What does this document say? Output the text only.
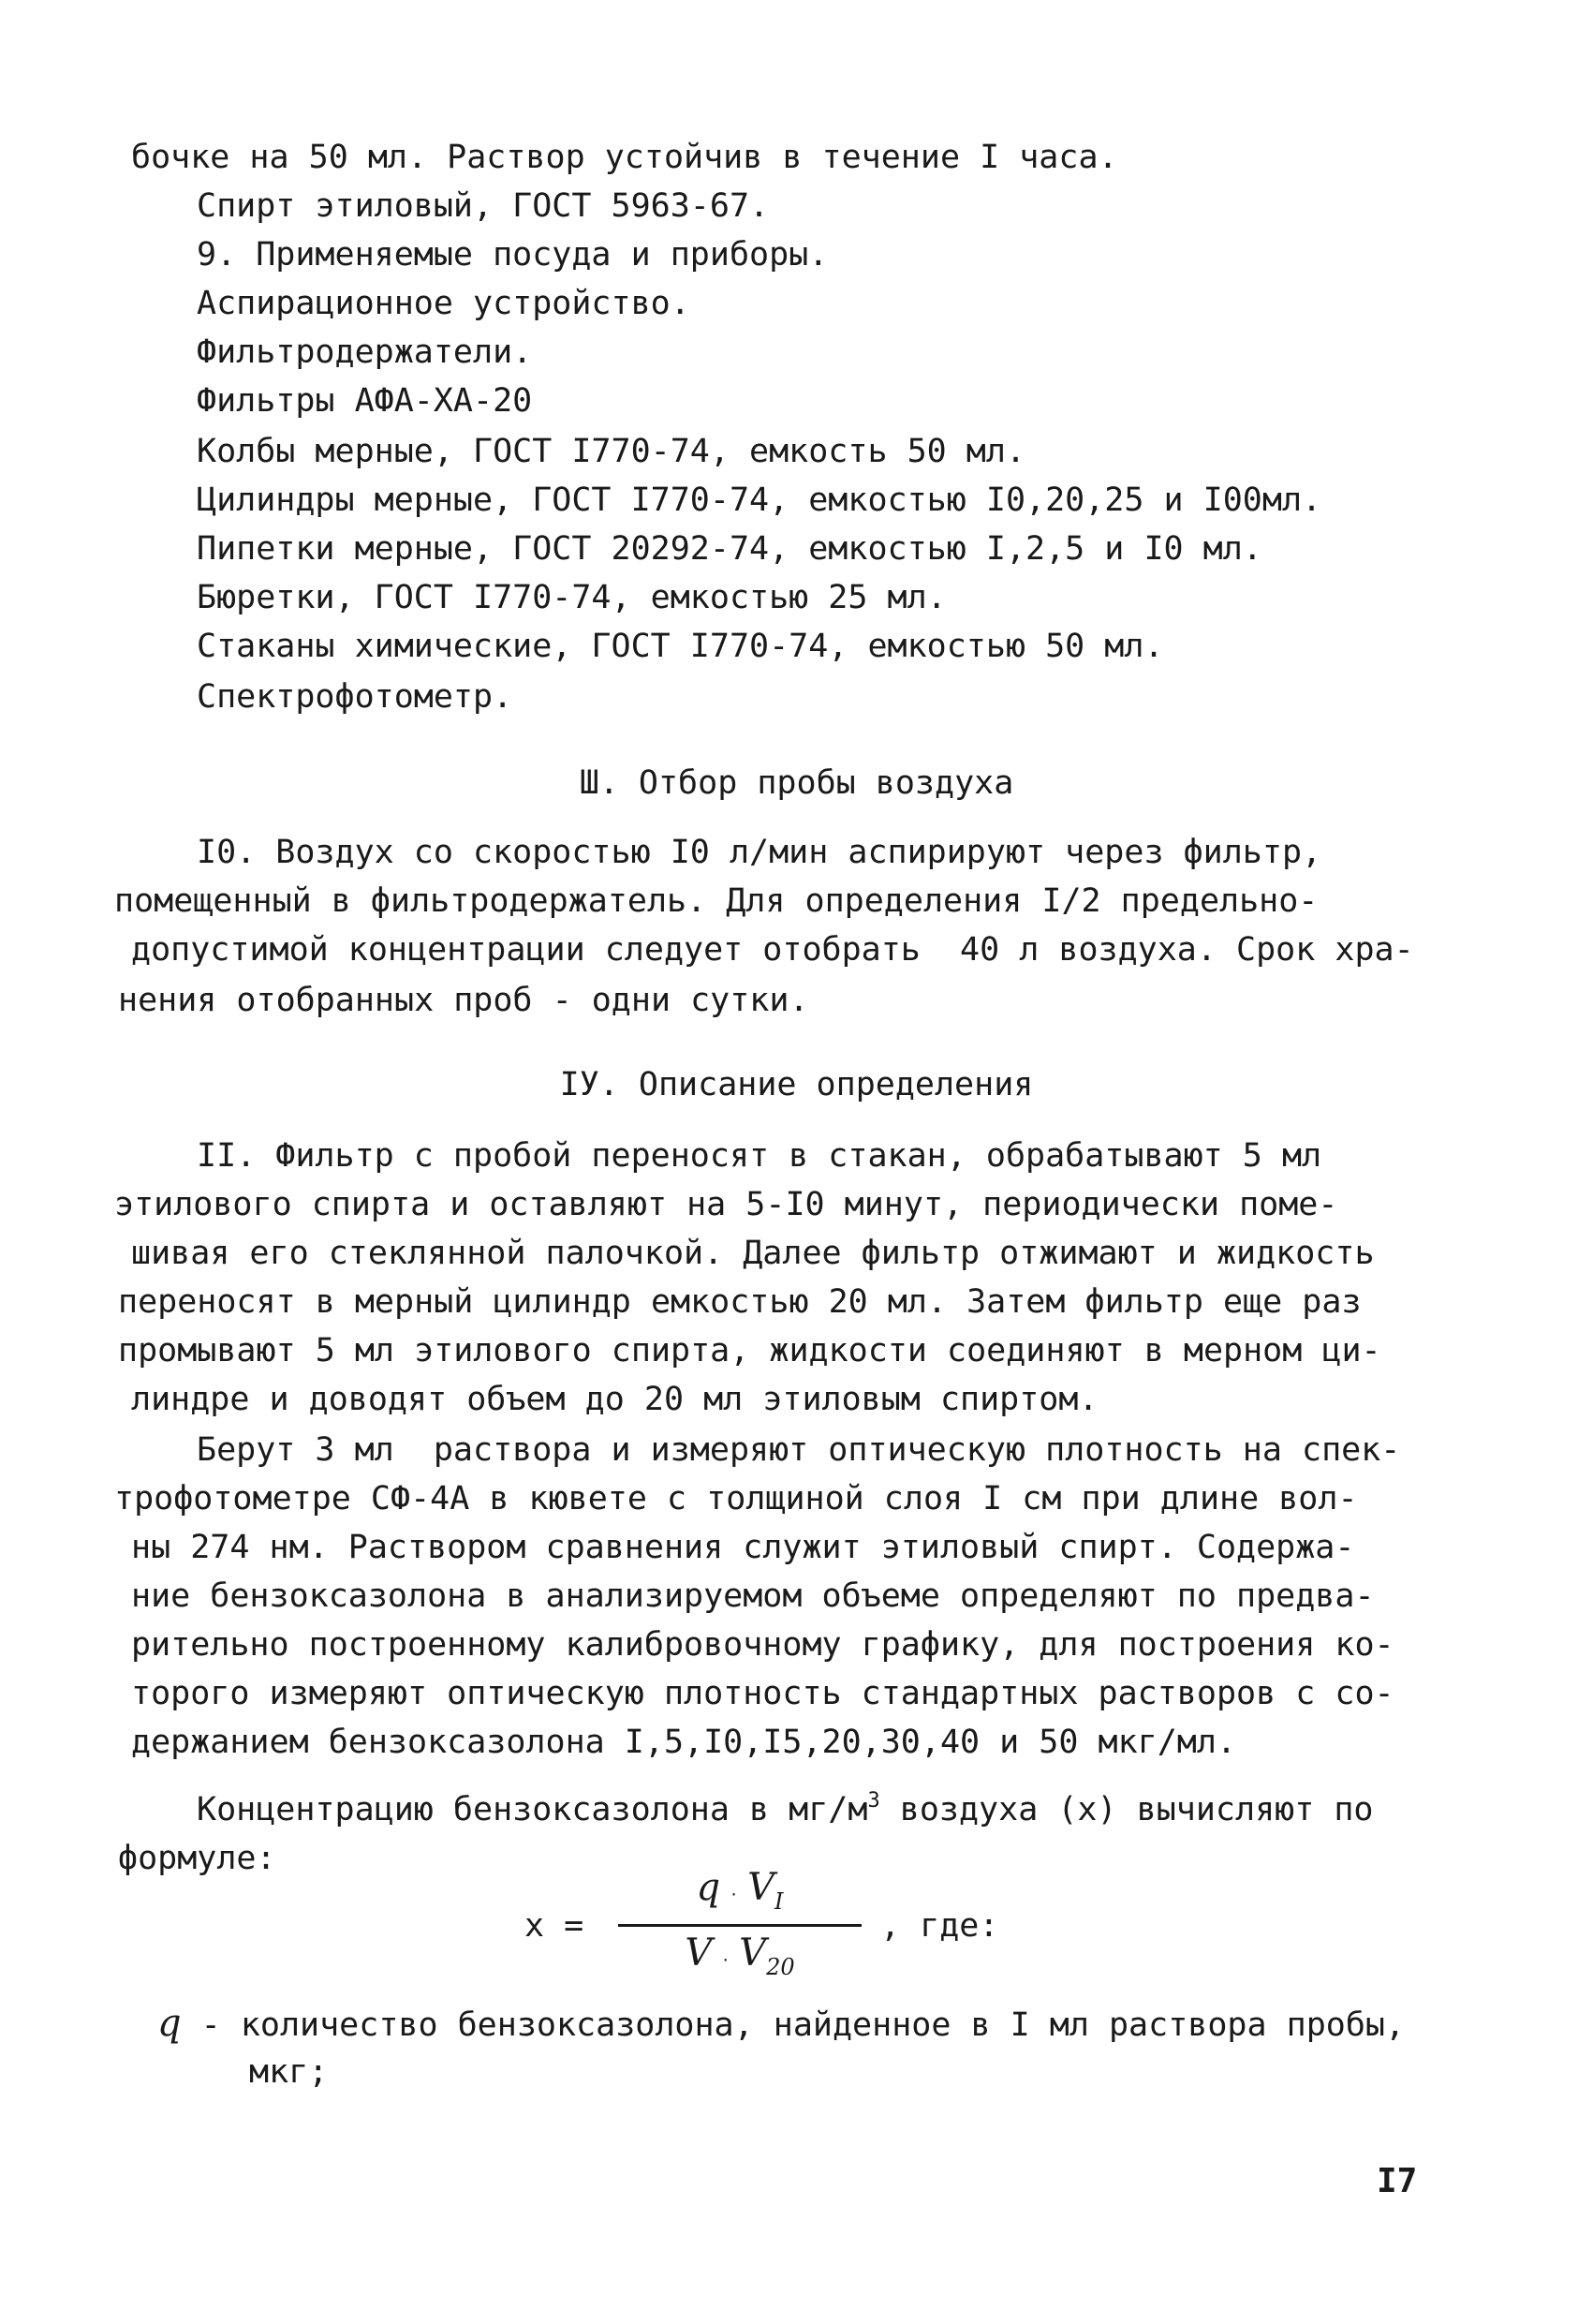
бочке на 50 мл. Раствор устойчив в течение I часа.
Спирт этиловый, ГОСТ 5963-67.
9. Применяемые посуда и приборы.
Аспирационное устройство.
Фильтродержатели.
Фильтры АФА-ХА-20
Колбы мерные, ГОСТ I770-74, емкость 50 мл.
Цилиндры мерные, ГОСТ I770-74, емкостью I0,20,25 и I00мл.
Пипетки мерные, ГОСТ 20292-74, емкостью I,2,5 и I0 мл.
Бюретки, ГОСТ I770-74, емкостью 25 мл.
Стаканы химические, ГОСТ I770-74, емкостью 50 мл.
Спектрофотометр.
Ш. Отбор пробы воздуха
I0. Воздух со скоростью I0 л/мин аспирируют через фильтр,
помещенный в фильтродержатель. Для определения I/2 предельно-
допустимой концентрации следует отобрать  40 л воздуха. Срок хра-
нения отобранных проб - одни сутки.
IУ. Описание определения
II. Фильтр с пробой переносят в стакан, обрабатывают 5 мл
этилового спирта и оставляют на 5-I0 минут, периодически поме-
шивая его стеклянной палочкой. Далее фильтр отжимают и жидкость
переносят в мерный цилиндр емкостью 20 мл. Затем фильтр еще раз
промывают 5 мл этилового спирта, жидкости соединяют в мерном ци-
линдре и доводят объем до 20 мл этиловым спиртом.
Берут 3 мл  раствора и измеряют оптическую плотность на спек-
трофотометре СФ-4А в кювете с толщиной слоя I см при длине вол-
ны 274 нм. Раствором сравнения служит этиловый спирт. Содержа-
ние бензоксазолона в анализируемом объеме определяют по предва-
рительно построенному калибровочному графику, для построения ко-
торого измеряют оптическую плотность стандартных растворов с со-
держанием бензоксазолона I,5,I0,I5,20,30,40 и 50 мкг/мл.
Концентрацию бензоксазолона в $мг/м^3$ воздуха (х) вычисляют по
формуле:
х =
q · VI
V · V20
, где:
q - количество бензоксазолона, найденное в I мл раствора пробы,
мкг;
I7
